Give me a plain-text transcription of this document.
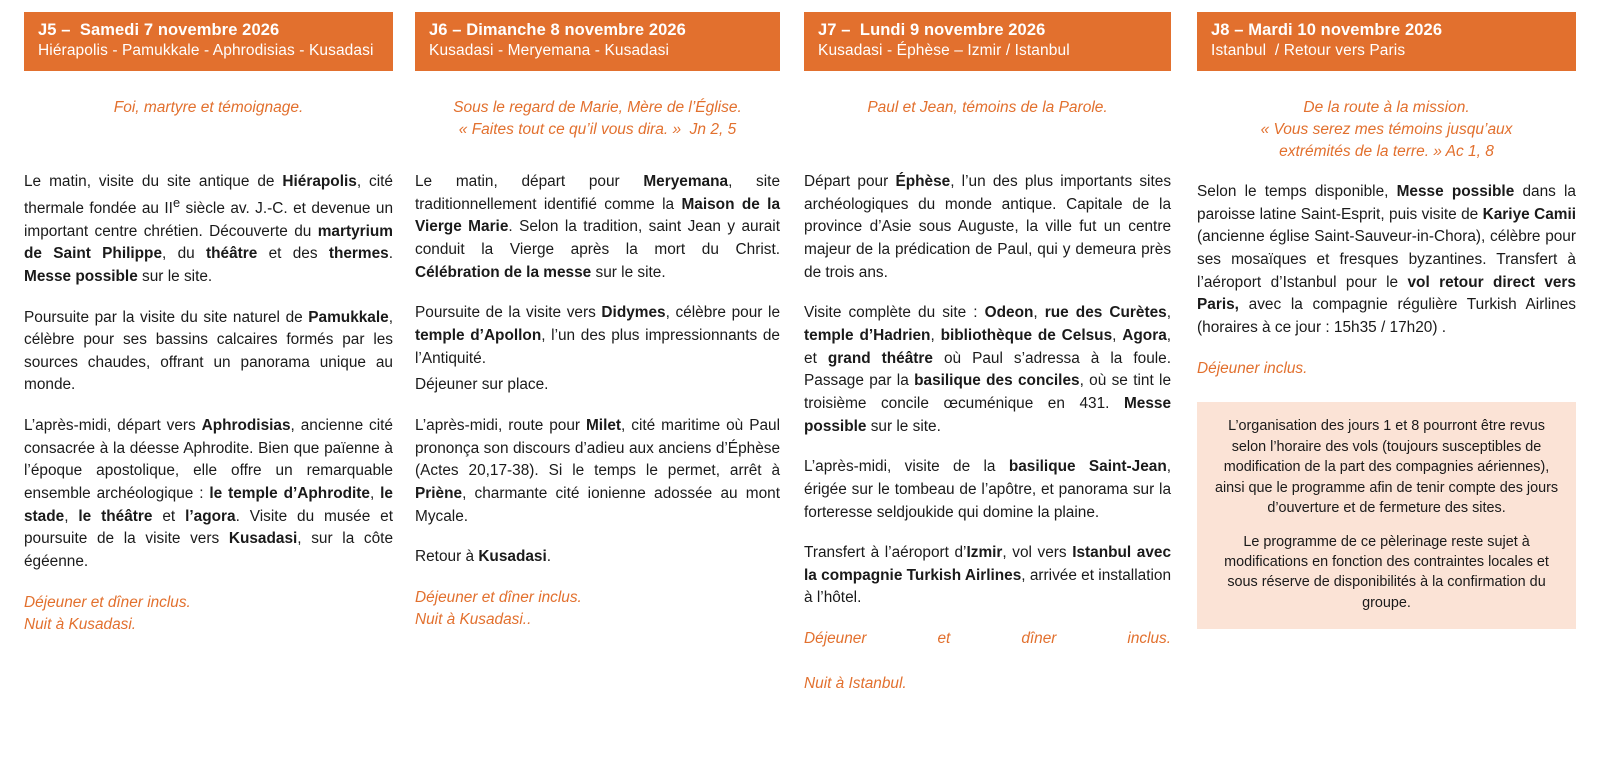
J5 –  Samedi 7 novembre 2026
Hiérapolis - Pamukkale - Aphrodisias - Kusadasi
Foi, martyre et témoignage.

Le matin, visite du site antique de Hiérapolis, cité thermale fondée au IIe siècle av. J.-C. et devenue un important centre chrétien. Découverte du martyrium de Saint Philippe, du théâtre et des thermes. Messe possible sur le site.

Poursuite par la visite du site naturel de Pamukkale, célèbre pour ses bassins calcaires formés par les sources chaudes, offrant un panorama unique au monde.

L’après-midi, départ vers Aphrodisias, ancienne cité consacrée à la déesse Aphrodite. Bien que païenne à l’époque apostolique, elle offre un remarquable ensemble archéologique : le temple d’Aphrodite, le stade, le théâtre et l’agora. Visite du musée et poursuite de la visite vers Kusadasi, sur la côte égéenne.

Déjeuner et dîner inclus.
Nuit à Kusadasi.
J6 – Dimanche 8 novembre 2026
Kusadasi - Meryemana - Kusadasi
Sous le regard de Marie, Mère de l’Église.
« Faites tout ce qu’il vous dira. »  Jn 2, 5

Le matin, départ pour Meryemana, site traditionnellement identifié comme la Maison de la Vierge Marie. Selon la tradition, saint Jean y aurait conduit la Vierge après la mort du Christ. Célébration de la messe sur le site.

Poursuite de la visite vers Didymes, célèbre pour le temple d’Apollon, l’un des plus impressionnants de l’Antiquité.

Déjeuner sur place.

L’après-midi, route pour Milet, cité maritime où Paul prononça son discours d’adieu aux anciens d’Éphèse (Actes 20,17-38). Si le temps le permet, arrêt à Priène, charmante cité ionienne adossée au mont Mycale.

Retour à Kusadasi.

Déjeuner et dîner inclus.
Nuit à Kusadasi..
J7 –  Lundi 9 novembre 2026
Kusadasi - Éphèse – Izmir / Istanbul
Paul et Jean, témoins de la Parole.

Départ pour Éphèse, l’un des plus importants sites archéologiques du monde antique. Capitale de la province d’Asie sous Auguste, la ville fut un centre majeur de la prédication de Paul, qui y demeura près de trois ans.

Visite complète du site : Odeon, rue des Curètes, temple d’Hadrien, bibliothèque de Celsus, Agora, et grand théâtre où Paul s’adressa à la foule. Passage par la basilique des conciles, où se tint le troisième concile œcuménique en 431. Messe possible sur le site.

L’après-midi, visite de la basilique Saint-Jean, érigée sur le tombeau de l’apôtre, et panorama sur la forteresse seldjoukide qui domine la plaine.

Transfert à l’aéroport d’Izmir, vol vers Istanbul avec la compagnie Turkish Airlines, arrivée et installation à l’hôtel.

Déjeuner et dîner inclus.
Nuit à Istanbul.
J8 – Mardi 10 novembre 2026
Istanbul  / Retour vers Paris
De la route à la mission.
« Vous serez mes témoins jusqu’aux
extrémités de la terre. » Ac 1, 8

Selon le temps disponible, Messe possible dans la paroisse latine Saint-Esprit, puis visite de Kariye Camii (ancienne église Saint-Sauveur-in-Chora), célèbre pour ses mosaïques et fresques byzantines. Transfert à l’aéroport d’Istanbul pour le vol retour direct vers Paris, avec la compagnie régulière Turkish Airlines (horaires à ce jour : 15h35 / 17h20) .

Déjeuner inclus.

L’organisation des jours 1 et 8 pourront être revus selon l’horaire des vols (toujours susceptibles de modification de la part des compagnies aériennes), ainsi que le programme afin de tenir compte des jours d’ouverture et de fermeture des sites.

Le programme de ce pèlerinage reste sujet à modifications en fonction des contraintes locales et sous réserve de disponibilités à la confirmation du groupe.
